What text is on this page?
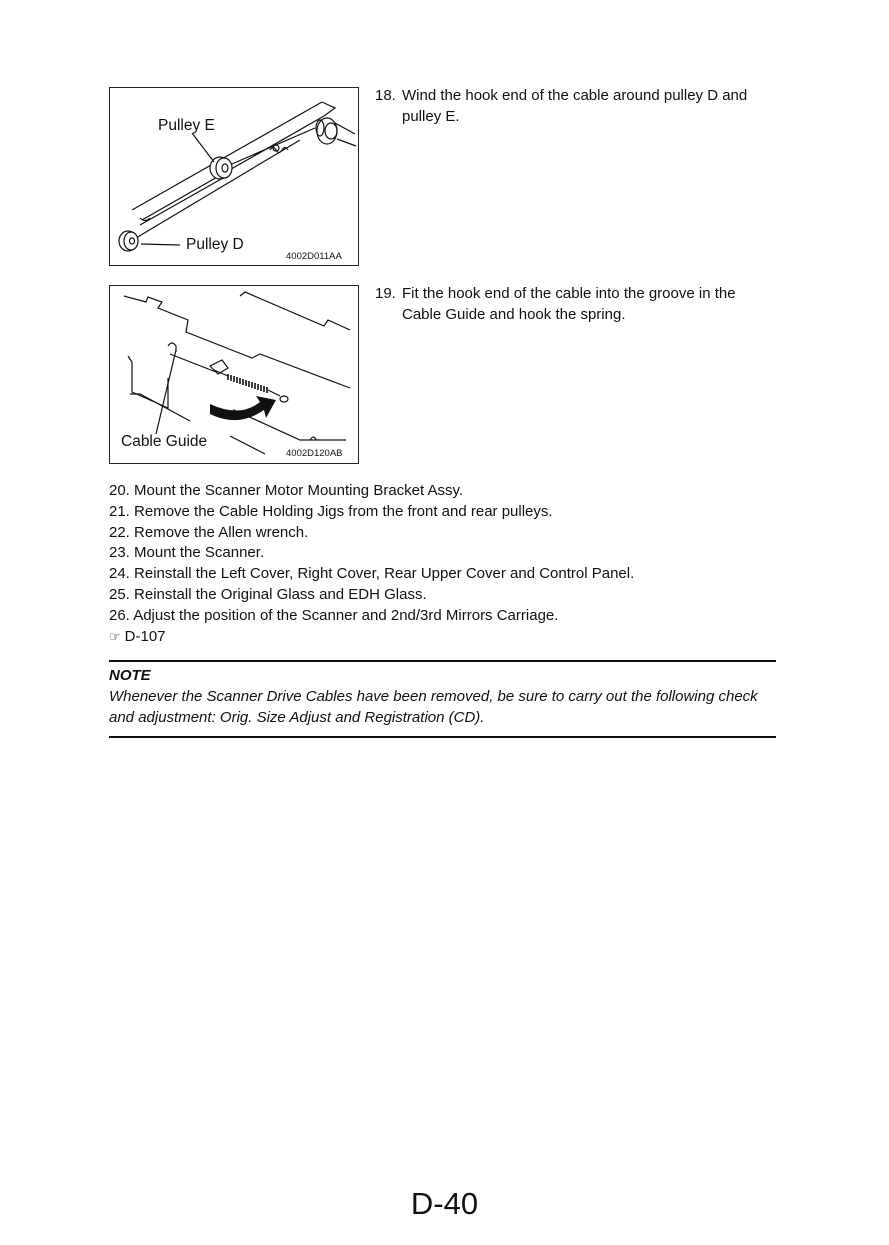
Pulley E
Pulley D
4002D011AA
18. Wind the hook end of the cable around pulley D and pulley E.
Cable Guide
4002D120AB
19. Fit the hook end of the cable into the groove in the Cable Guide and hook the spring.
20. Mount the Scanner Motor Mounting Bracket Assy.
21. Remove the Cable Holding Jigs from the front and rear pulleys.
22. Remove the Allen wrench.
23. Mount the Scanner.
24. Reinstall the Left Cover, Right Cover, Rear Upper Cover and Control Panel.
25. Reinstall the Original Glass and EDH Glass.
26. Adjust the position of the Scanner and 2nd/3rd Mirrors Carriage.
☞ D-107
NOTE
Whenever the Scanner Drive Cables have been removed, be sure to carry out the following check and adjustment: Orig. Size Adjust and Registration (CD).
D-40
